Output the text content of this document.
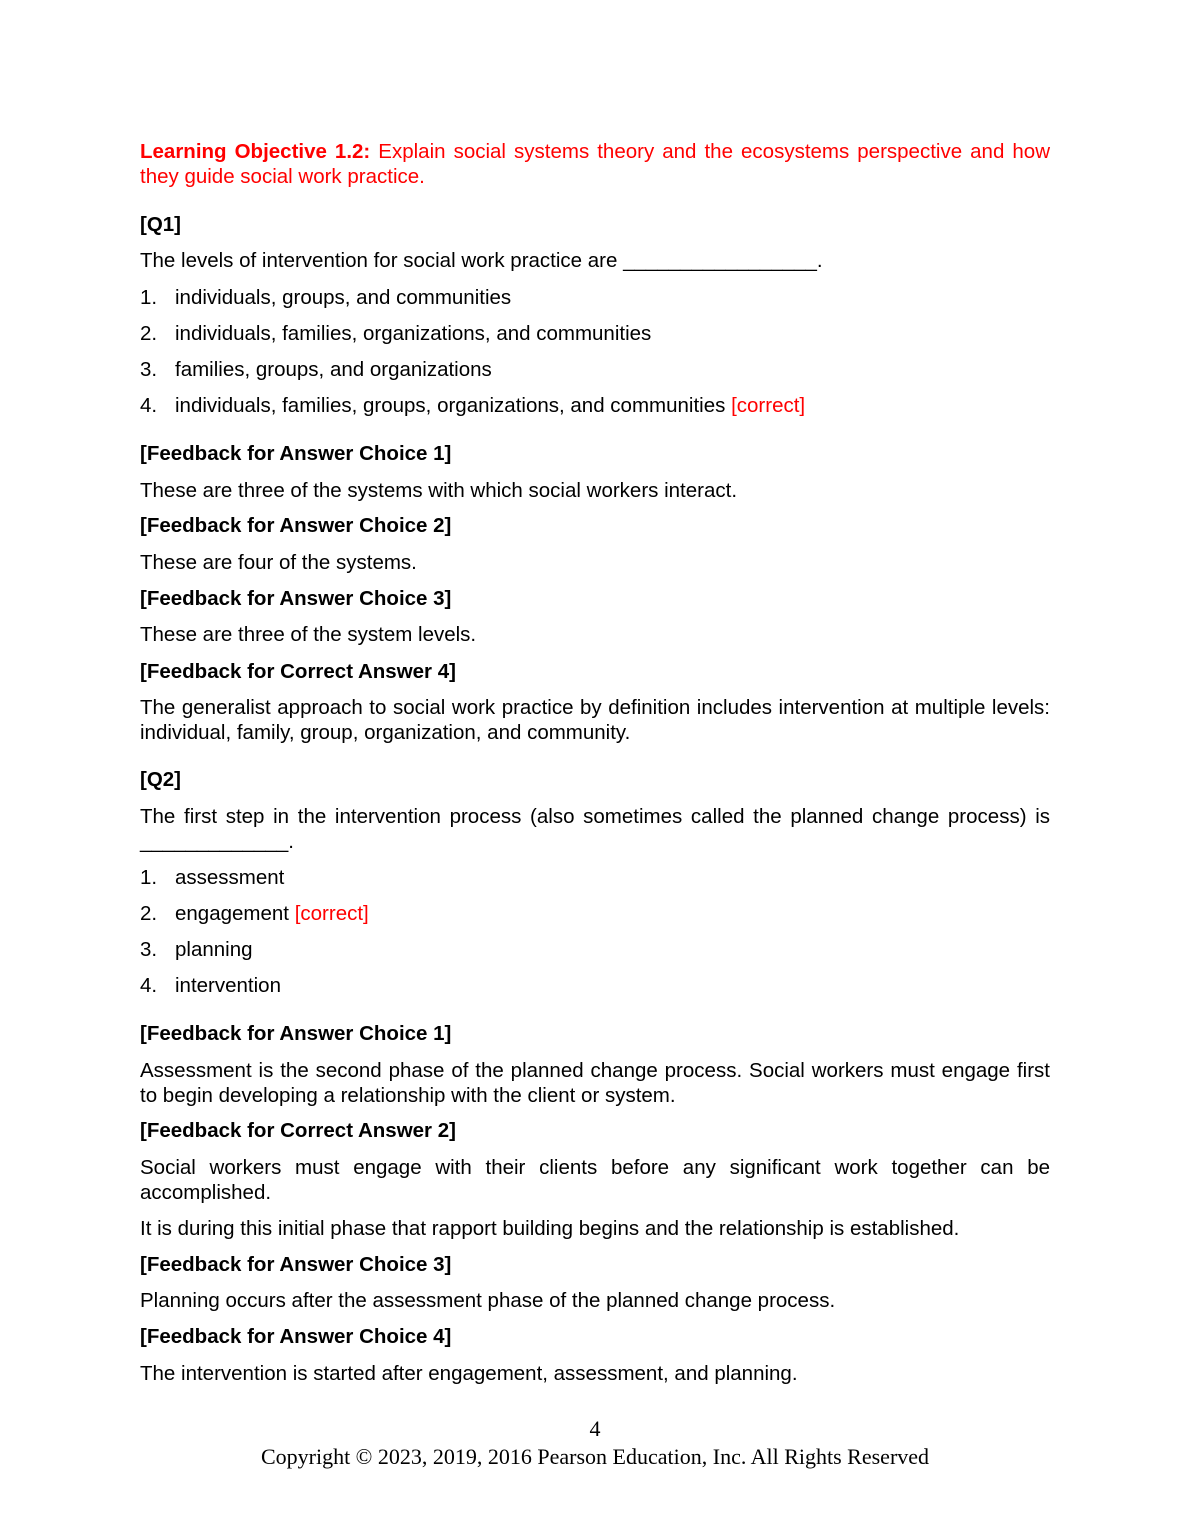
Learning Objective 1.2: Explain social systems theory and the ecosystems perspective and how they guide social work practice.
[Q1]
The levels of intervention for social work practice are _________________.
1. individuals, groups, and communities
2. individuals, families, organizations, and communities
3. families, groups, and organizations
4. individuals, families, groups, organizations, and communities [correct]
[Feedback for Answer Choice 1]
These are three of the systems with which social workers interact.
[Feedback for Answer Choice 2]
These are four of the systems.
[Feedback for Answer Choice 3]
These are three of the system levels.
[Feedback for Correct Answer 4]
The generalist approach to social work practice by definition includes intervention at multiple levels: individual, family, group, organization, and community.
[Q2]
The first step in the intervention process (also sometimes called the planned change process) is _____________.
1. assessment
2. engagement [correct]
3. planning
4. intervention
[Feedback for Answer Choice 1]
Assessment is the second phase of the planned change process. Social workers must engage first to begin developing a relationship with the client or system.
[Feedback for Correct Answer 2]
Social workers must engage with their clients before any significant work together can be accomplished.
It is during this initial phase that rapport building begins and the relationship is established.
[Feedback for Answer Choice 3]
Planning occurs after the assessment phase of the planned change process.
[Feedback for Answer Choice 4]
The intervention is started after engagement, assessment, and planning.
4
Copyright © 2023, 2019, 2016 Pearson Education, Inc. All Rights Reserved
